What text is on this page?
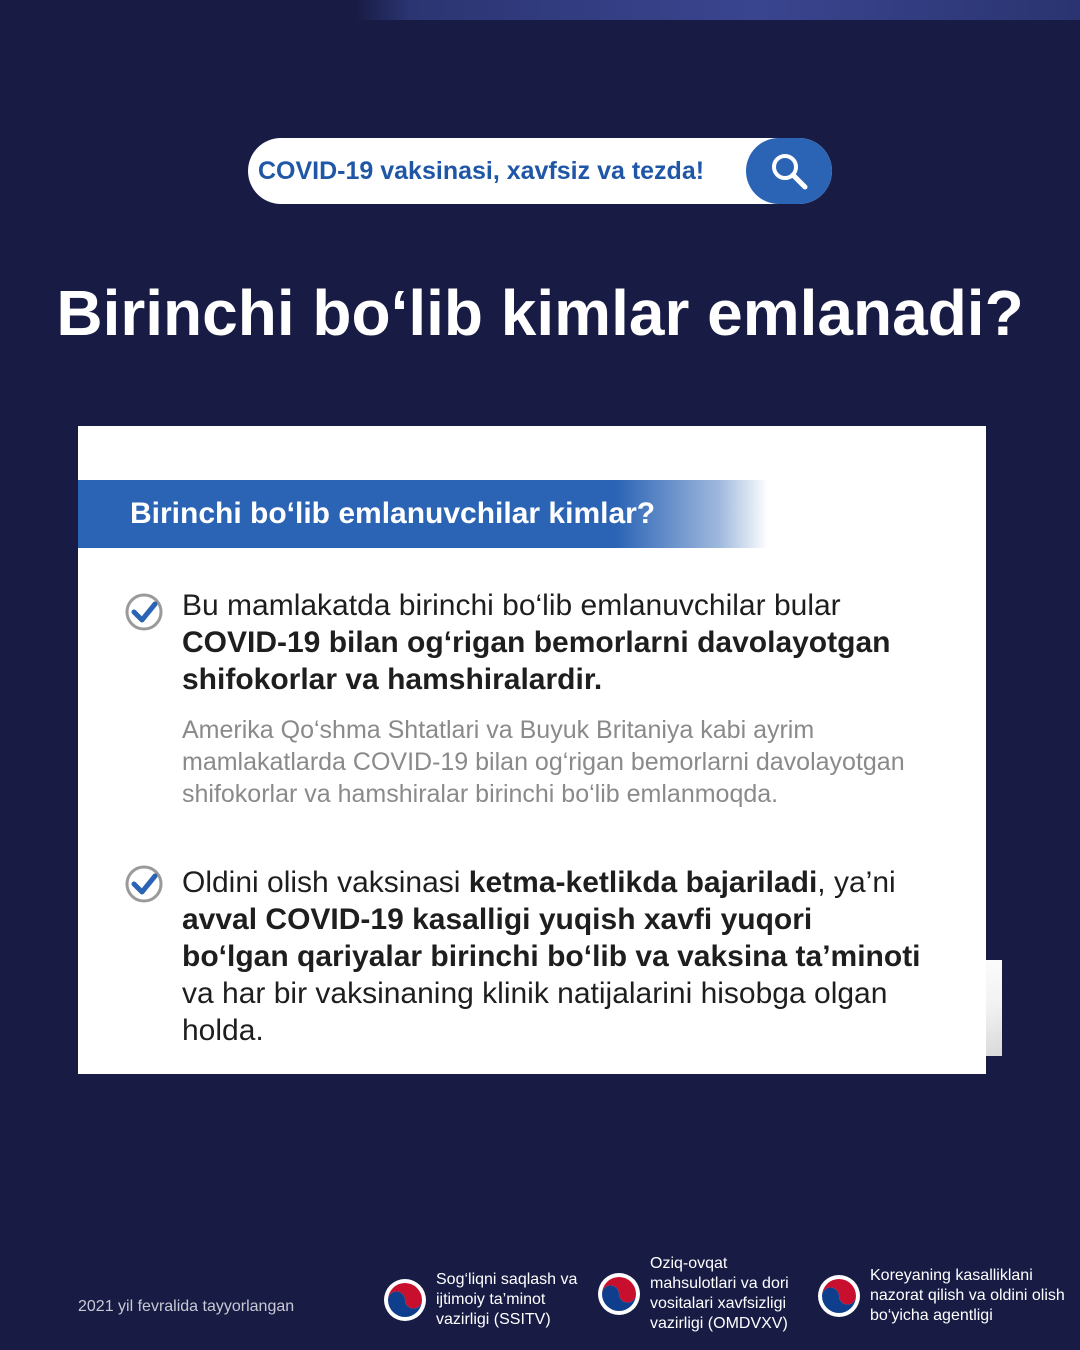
COVID-19 vaksinasi, xavfsiz va tezda!
Birinchi bo‘lib kimlar emlanadi?
Birinchi bo‘lib emlanuvchilar kimlar?
Bu mamlakatda birinchi bo‘lib emlanuvchilar bular COVID-19 bilan og‘rigan bemorlarni davolayotgan shifokorlar va hamshiralardir.
Amerika Qo‘shma Shtatlari va Buyuk Britaniya kabi ayrim mamlakatlarda COVID-19 bilan og‘rigan bemorlarni davolayotgan shifokorlar va hamshiralar birinchi bo‘lib emlanmoqda.
Oldini olish vaksinasi ketma-ketlikda bajariladi, ya’ni avval COVID-19 kasalligi yuqish xavfi yuqori bo‘lgan qariyalar birinchi bo‘lib va vaksina ta’minoti va har bir vaksinaning klinik natijalarini hisobga olgan holda.
2021 yil fevralida tayyorlangan
Sog‘liqni saqlash va ijtimoiy ta’minot vazirligi (SSITV)
Oziq-ovqat mahsulotlari va dori vositalari xavfsizligi vazirligi (OMDVXV)
Koreyaning kasalliklani nazorat qilish va oldini olish bo‘yicha agentligi
